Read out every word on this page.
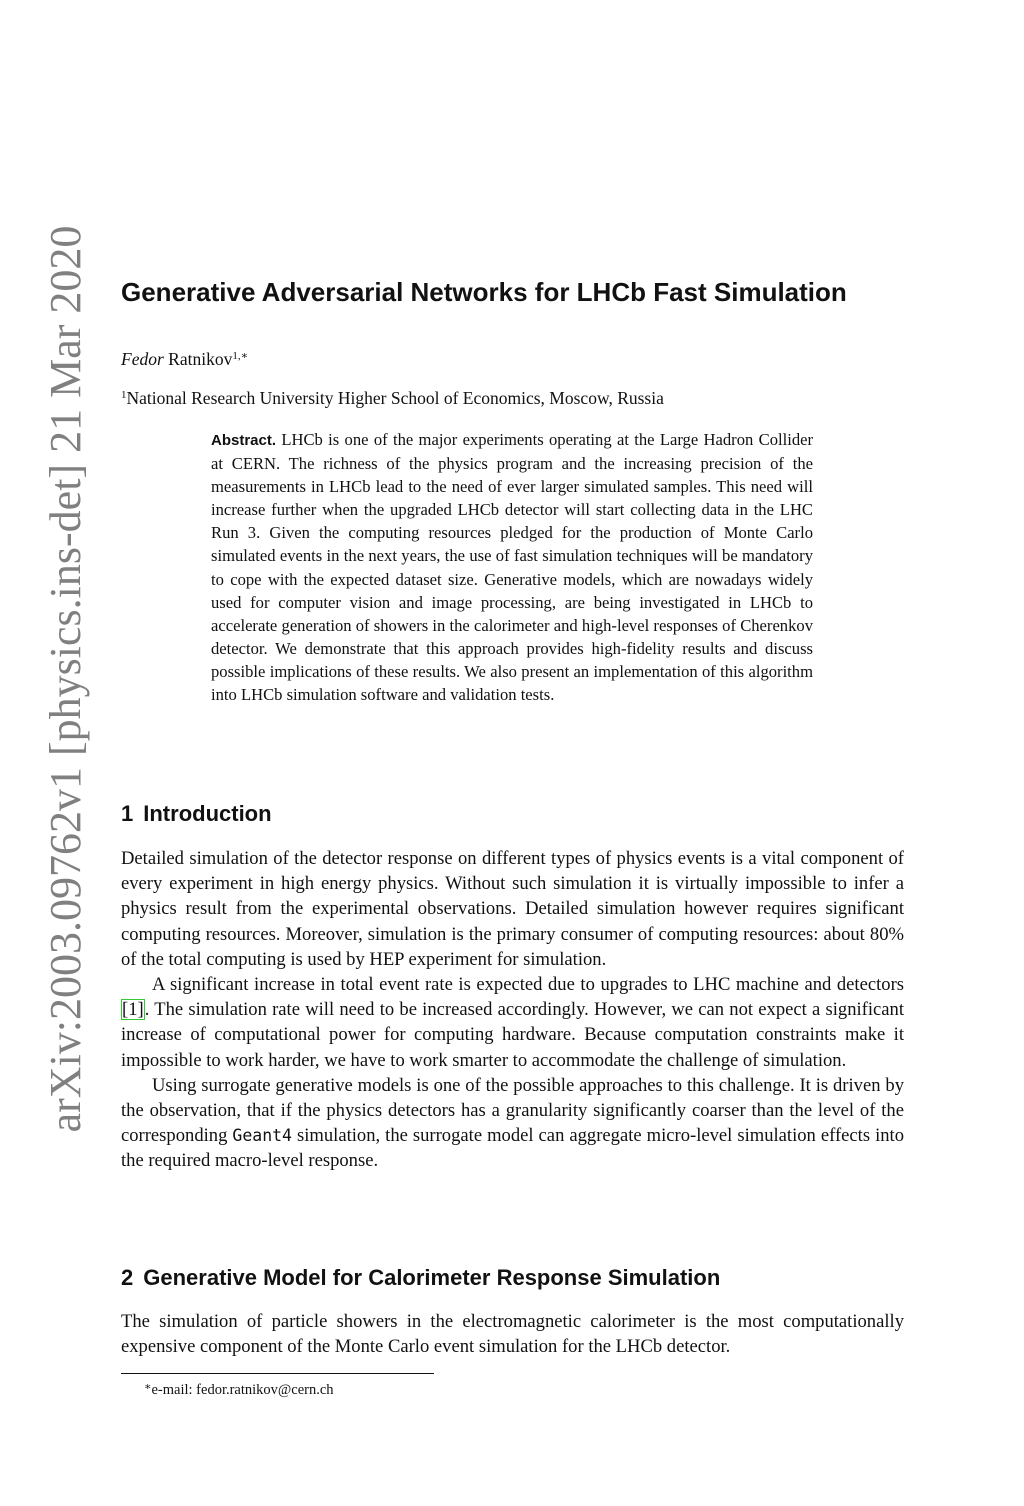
arXiv:2003.09762v1 [physics.ins-det] 21 Mar 2020 Generative Adversarial Networks for LHCb Fast Simulation
Fedor Ratnikov$^{1,∗}$
$^1$National Research University Higher School of Economics, Moscow, Russia
Abstract. LHCb is one of the major experiments operating at the Large Hadron Collider at CERN. The richness of the physics program and the increasing precision of the measurements in LHCb lead to the need of ever larger simulated samples. This need will increase further when the upgraded LHCb detector will start collecting data in the LHC Run 3. Given the computing resources pledged for the production of Monte Carlo simulated events in the next years, the use of fast simulation techniques will be mandatory to cope with the expected dataset size. Generative models, which are nowadays widely used for computer vision and image processing, are being investigated in LHCb to accelerate generation of showers in the calorimeter and high-level responses of Cherenkov detector. We demonstrate that this approach provides high-fidelity results and discuss possible implications of these results. We also present an implementation of this algorithm into LHCb simulation software and validation tests.
1 Introduction

Detailed simulation of the detector response on different types of physics events is a vital component of every experiment in high energy physics. Without such simulation it is virtually impossible to infer a physics result from the experimental observations. Detailed simulation however requires significant computing resources. Moreover, simulation is the primary consumer of computing resources: about 80% of the total computing is used by HEP experiment for simulation.

A significant increase in total event rate is expected due to upgrades to LHC machine and detectors [1]. The simulation rate will need to be increased accordingly. However, we can not expect a significant increase of computational power for computing hardware. Because computation constraints make it impossible to work harder, we have to work smarter to accommodate the challenge of simulation.

Using surrogate generative models is one of the possible approaches to this challenge. It is driven by the observation, that if the physics detectors has a granularity significantly coarser than the level of the corresponding Geant4 simulation, the surrogate model can aggregate micro-level simulation effects into the required macro-level response.

2 Generative Model for Calorimeter Response Simulation

The simulation of particle showers in the electromagnetic calorimeter is the most computationally expensive component of the Monte Carlo event simulation for the LHCb detector.

∗e-mail: fedor.ratnikov@cern.ch
